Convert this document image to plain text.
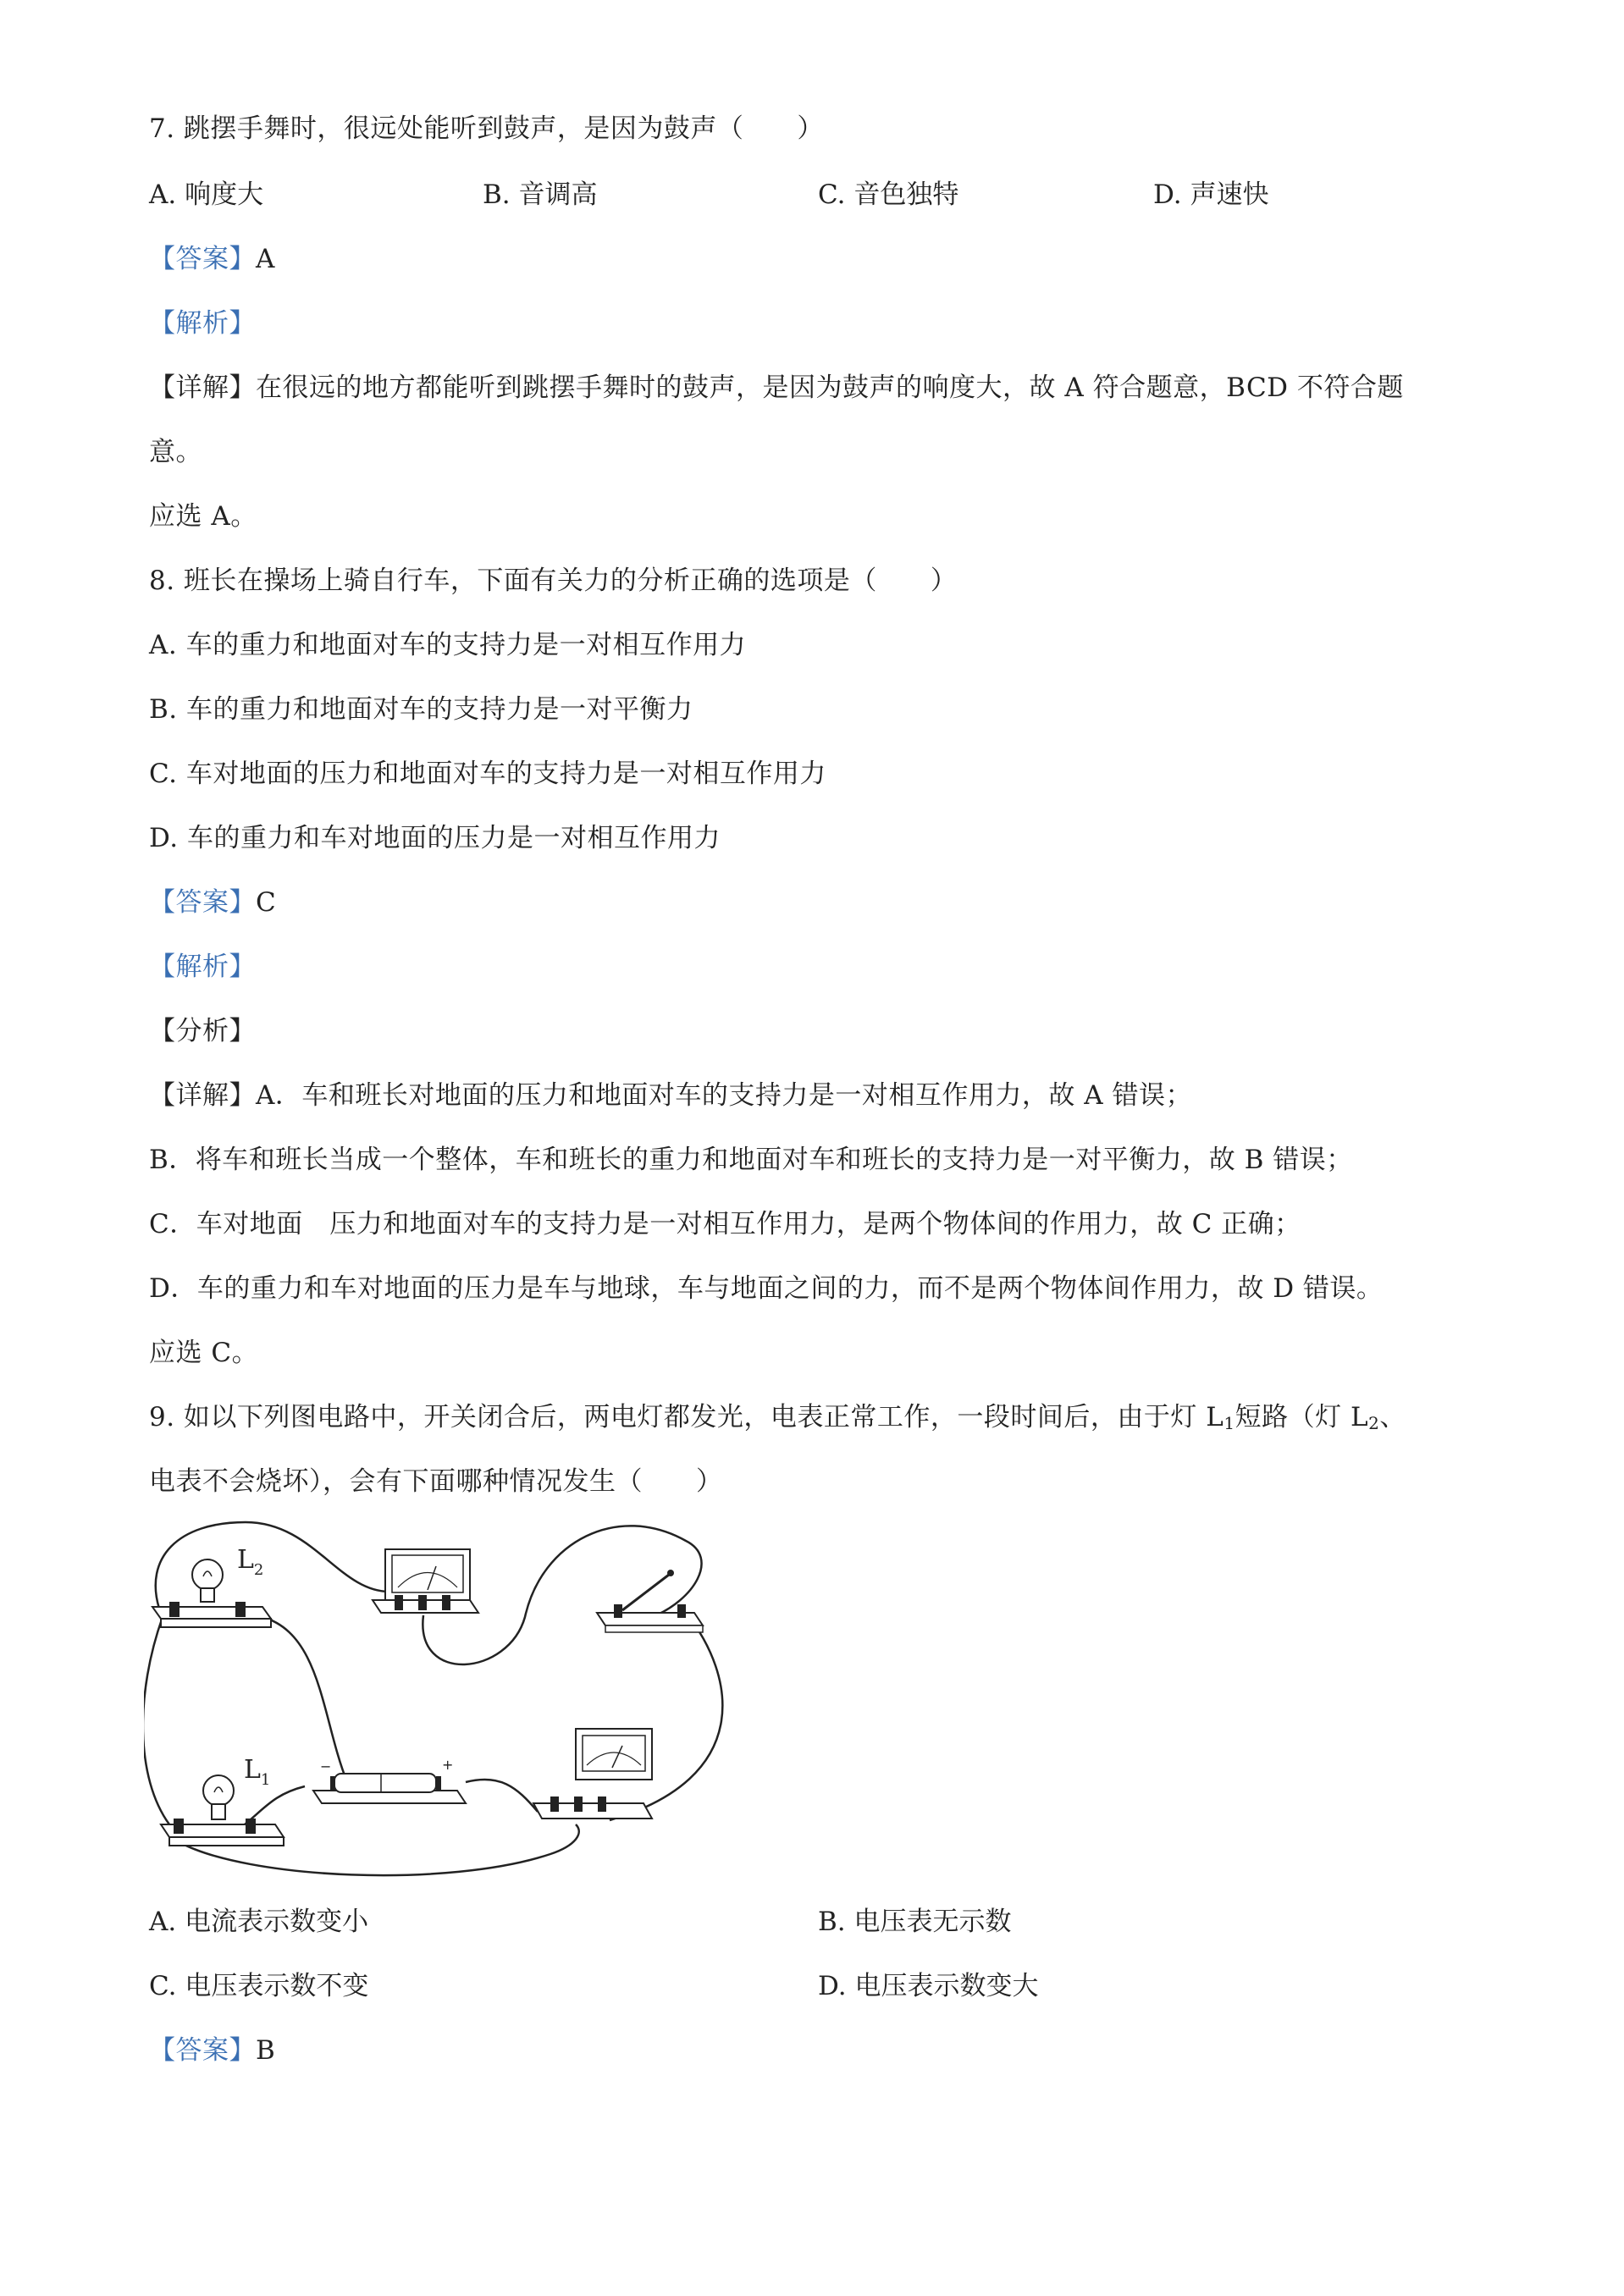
7. 跳摆手舞时，很远处能听到鼓声，是因为鼓声（　　）
A. 响度大	B. 音调高	C. 音色独特	D. 声速快
【答案】A
【解析】
【详解】在很远的地方都能听到跳摆手舞时的鼓声，是因为鼓声的响度大，故 A 符合题意，BCD 不符合题
意。
应选 A。
8. 班长在操场上骑自行车，下面有关力的分析正确的选项是（　　）
A. 车的重力和地面对车的支持力是一对相互作用力
B. 车的重力和地面对车的支持力是一对平衡力
C. 车对地面的压力和地面对车的支持力是一对相互作用力
D. 车的重力和车对地面的压力是一对相互作用力
【答案】C
【解析】
【分析】
【详解】A．车和班长对地面的压力和地面对车的支持力是一对相互作用力，故 A 错误；
B．将车和班长当成一个整体，车和班长的重力和地面对车和班长的支持力是一对平衡力，故 B 错误；
C．车对地面　压力和地面对车的支持力是一对相互作用力，是两个物体间的作用力，故 C 正确；
D．车的重力和车对地面的压力是车与地球，车与地面之间的力，而不是两个物体间作用力，故 D 错误。
应选 C。
9. 如以下列图电路中，开关闭合后，两电灯都发光，电表正常工作，一段时间后，由于灯 $L_1$短路（灯 $L_2$、
电表不会烧坏），会有下面哪种情况发生（　　）
$L_2$
−	+
$L_1$
A. 电流表示数变小	B. 电压表无示数
C. 电压表示数不变	D. 电压表示数变大
【答案】B
